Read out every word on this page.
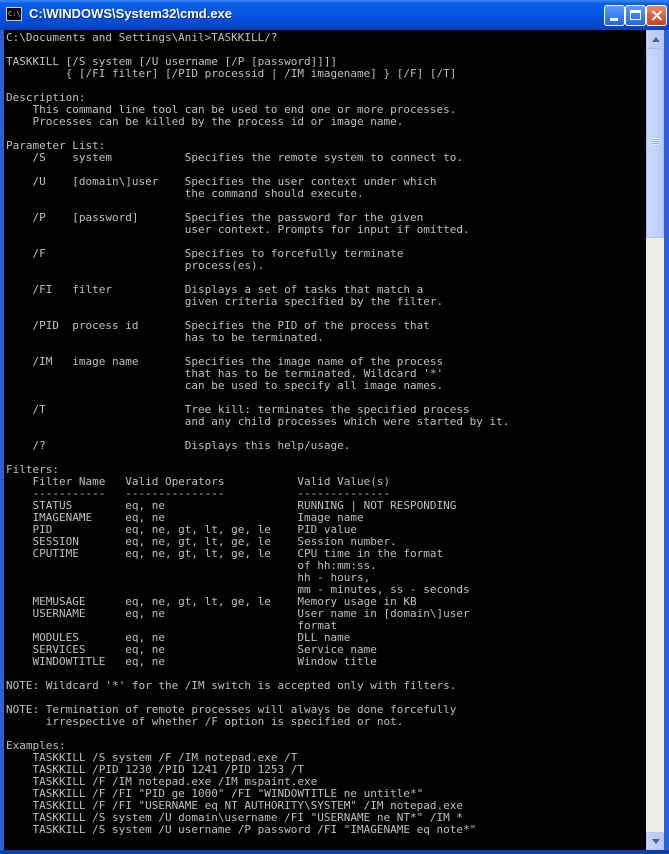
C:\ C:\WINDOWS\System32\cmd.exe
C:\Documents and Settings\Anil>TASKKILL/?

TASKKILL [/S system [/U username [/P [password]]]]
{ [/FI filter] [/PID processid | /IM imagename] } [/F] [/T]

Description:
This command line tool can be used to end one or more processes.
Processes can be killed by the process id or image name.

Parameter List:
/S    system           Specifies the remote system to connect to.

/U    [domain\]user    Specifies the user context under which
the command should execute.

/P    [password]       Specifies the password for the given
user context. Prompts for input if omitted.

/F                     Specifies to forcefully terminate
process(es).

/FI   filter           Displays a set of tasks that match a
given criteria specified by the filter.

/PID  process id       Specifies the PID of the process that
has to be terminated.

/IM   image name       Specifies the image name of the process
that has to be terminated. Wildcard '*'
can be used to specify all image names.

/T                     Tree kill: terminates the specified process
and any child processes which were started by it.

/?                     Displays this help/usage.

Filters:
Filter Name   Valid Operators           Valid Value(s)
-----------   ---------------           --------------
STATUS        eq, ne                    RUNNING | NOT RESPONDING
IMAGENAME     eq, ne                    Image name
PID           eq, ne, gt, lt, ge, le    PID value
SESSION       eq, ne, gt, lt, ge, le    Session number.
CPUTIME       eq, ne, gt, lt, ge, le    CPU time in the format
of hh:mm:ss.
hh - hours,
mm - minutes, ss - seconds
MEMUSAGE      eq, ne, gt, lt, ge, le    Memory usage in KB
USERNAME      eq, ne                    User name in [domain\]user
format
MODULES       eq, ne                    DLL name
SERVICES      eq, ne                    Service name
WINDOWTITLE   eq, ne                    Window title

NOTE: Wildcard '*' for the /IM switch is accepted only with filters.

NOTE: Termination of remote processes will always be done forcefully
irrespective of whether /F option is specified or not.

Examples:
TASKKILL /S system /F /IM notepad.exe /T
TASKKILL /PID 1230 /PID 1241 /PID 1253 /T
TASKKILL /F /IM notepad.exe /IM mspaint.exe
TASKKILL /F /FI "PID ge 1000" /FI "WINDOWTITLE ne untitle*"
TASKKILL /F /FI "USERNAME eq NT AUTHORITY\SYSTEM" /IM notepad.exe
TASKKILL /S system /U domain\username /FI "USERNAME ne NT*" /IM *
TASKKILL /S system /U username /P password /FI "IMAGENAME eq note*"
